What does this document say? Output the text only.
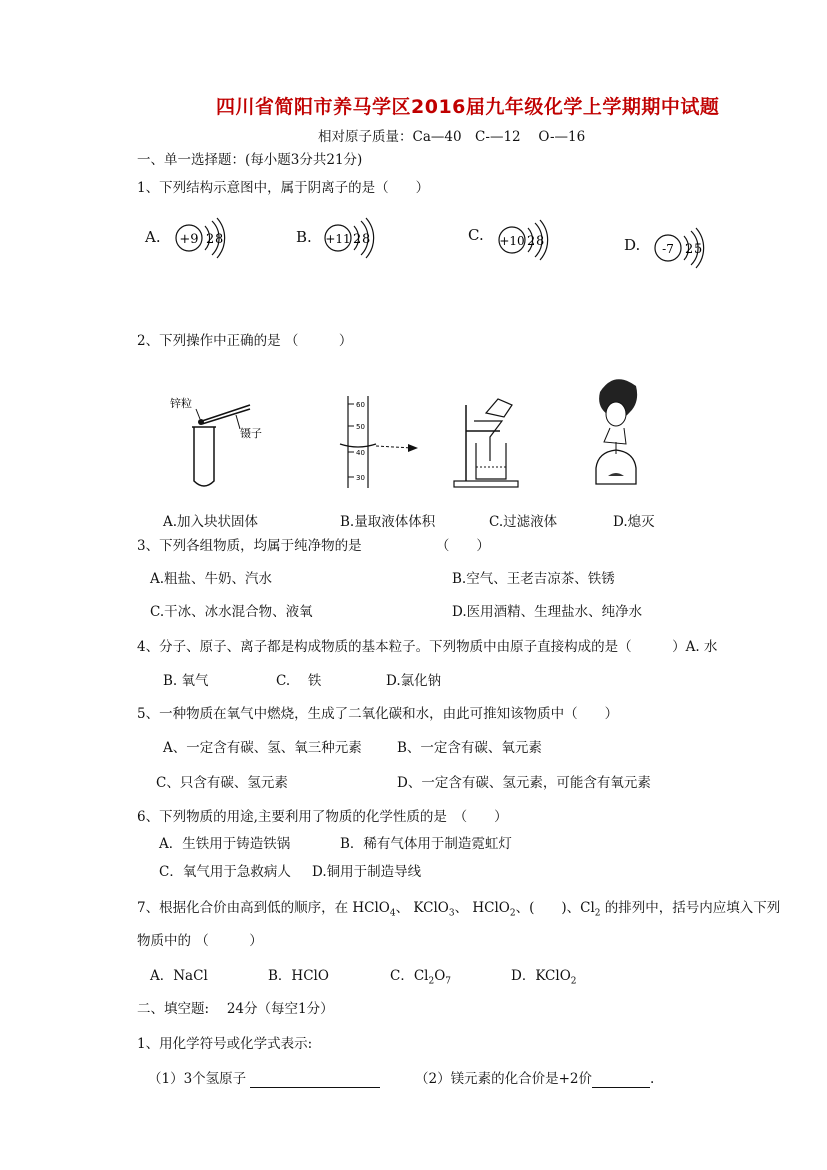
四川省简阳市养马学区2016届九年级化学上学期期中试题
相对原子质量：Ca—40　C-—12　 O-—16
一、单一选择题：(每小题3分共21分)
1、下列结构示意图中，属于阴离子的是（　　）
A. +9 2 8	B. +11 2 8	C. +10 2 8	D. -7 2 5
2、下列操作中正确的是 （　　　）
锌粒
镊子
60
50
40
30
A.加入块状固体	B.量取液体体积	C.过滤液体	D.熄灭
3、下列各组物质，均属于纯净物的是　　　　　　（　　）
A.粗盐、牛奶、汽水	B.空气、王老吉凉茶、铁锈
C.干冰、冰水混合物、液氧	D.医用酒精、生理盐水、纯净水
4、分子、原子、离子都是构成物质的基本粒子。下列物质中由原子直接构成的是（　　　）A. 水
B. 氧气	C.　 铁	D.氯化钠
5、一种物质在氧气中燃烧，生成了二氧化碳和水，由此可推知该物质中（　　）
A、一定含有碳、氢、氧三种元素	B、一定含有碳、氧元素
C、只含有碳、氢元素	D、一定含有碳、氢元素，可能含有氧元素
6、下列物质的用途,主要利用了物质的化学性质的是　（　　）
A．生铁用于铸造铁锅	B．稀有气体用于制造霓虹灯
C．氧气用于急救病人 D.铜用于制造导线
7、根据化合价由高到低的顺序，在 HClO$_4$、 KClO$_3$、 HClO$_2$、(　　)、$Cl_2$ 的排列中，括号内应填入下列
物质中的 （　　　）
A．NaCl	B．HClO	C．$Cl_2O_7$	D．KClO$_2$
二、填空题:　 24分（每空1分）
1、用化学符号或化学式表示:
（1）3个氢原子	（2）镁元素的化合价是+2价	.
